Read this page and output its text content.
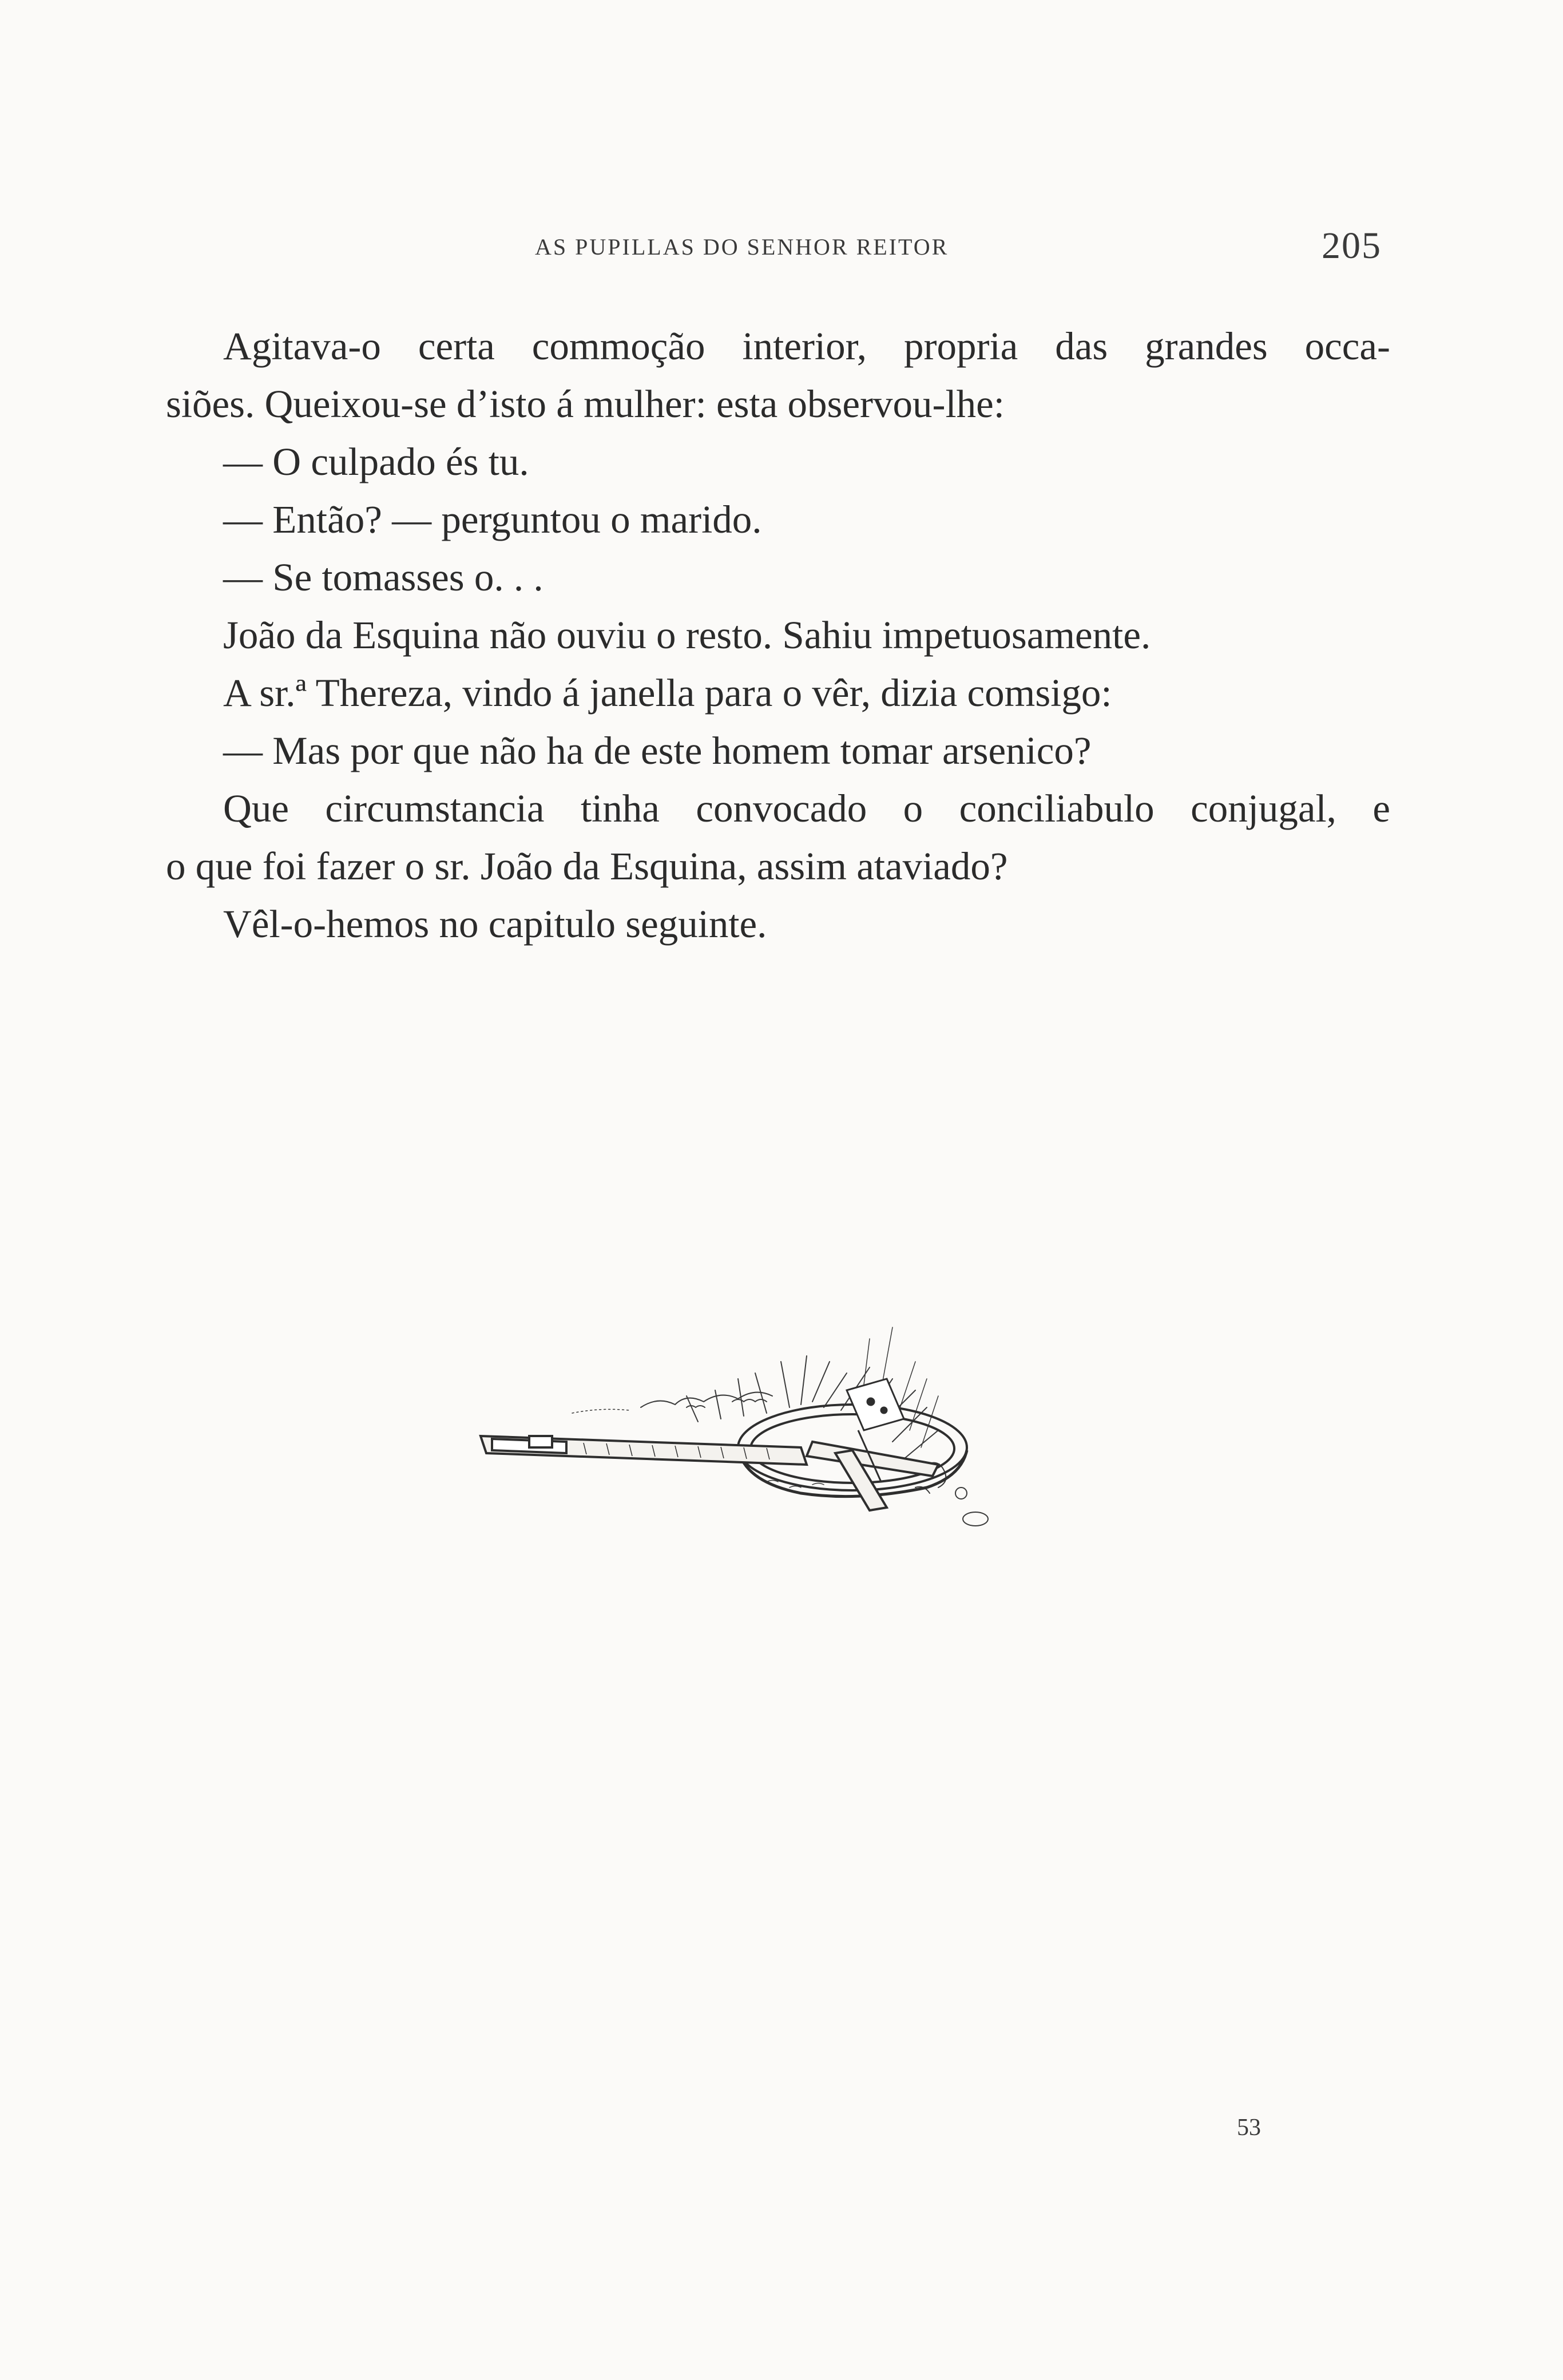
AS PUPILLAS DO SENHOR REITOR	205
Agitava-o certa commoção interior, propria das grandes occa-
siões. Queixou-se d’isto á mulher: esta observou-lhe:
— O culpado és tu.
— Então? — perguntou o marido.
— Se tomasses o. . .
João da Esquina não ouviu o resto. Sahiu impetuosamente.
A sr.ª Thereza, vindo á janella para o vêr, dizia comsigo:
— Mas por que não ha de este homem tomar arsenico?
Que circumstancia tinha convocado o conciliabulo conjugal, e
o que foi fazer o sr. João da Esquina, assim ataviado?
Vêl-o-hemos no capitulo seguinte.
53
